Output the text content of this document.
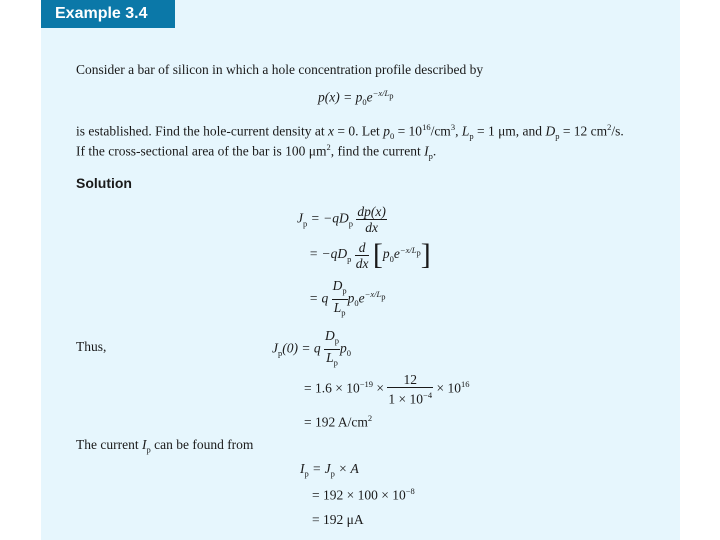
Example 3.4
Consider a bar of silicon in which a hole concentration profile described by
$p(x) = p_0e^{-x/L_p}$
is established. Find the hole-current density at x = 0. Let $p_0 = 10^{16}/cm^3$, $L_p = 1$ μm, and $D_p = 12$ $cm^2/s$.
If the cross-sectional area of the bar is 100 $\mu m^2$, find the current $I_p$.
Solution
$J_p = -qD_p \frac{dp(x)}{dx}$
= $-qD_p \frac{d}{dx} [p_0e^{-x/L_p}]$
= q $\frac{D_p}{L_p} p_0e^{-x/L_p}$
Thus,	$J_p(0) = q \frac{D_p}{L_p} p_0$
= $1.6 \times 10^{-19} \times \frac{12}{1 \times 10^{-4}} \times 10^{16}$
= 192 $A/cm^2$
The current $I_p$ can be found from
$I_p = J_p \times A$
= $192 \times 100 \times 10^{-8}$
= 192 μA
